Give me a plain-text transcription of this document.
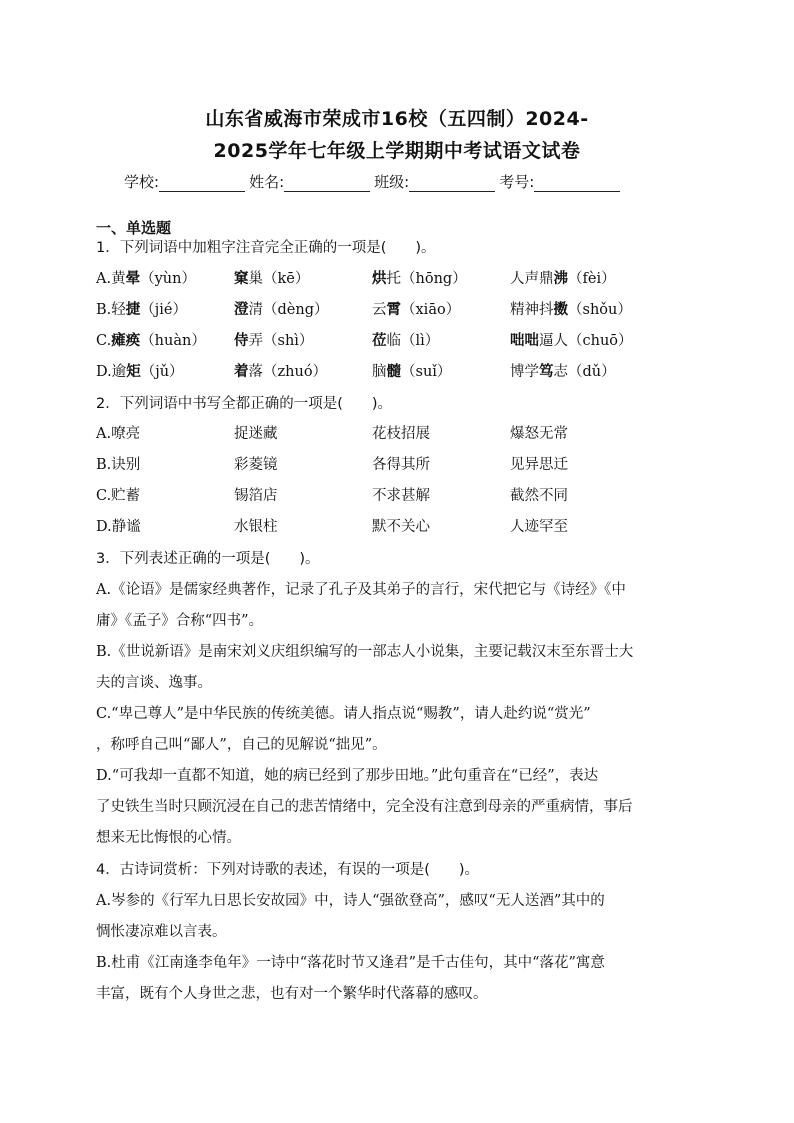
山东省威海市荣成市16校（五四制）2024-
2025学年七年级上学期期中考试语文试卷
学校:	姓名:	班级:	考号:
一、单选题
1．下列词语中加粗字注音完全正确的一项是(　　)。
A.黄晕（yùn）	窠巢（kē）	烘托（hōng）	人声鼎沸（fèi）
B.轻捷（jié）	澄清（dèng）	云霄（xiāo）	精神抖擞（shǒu）
C.瘫痪（huàn） 侍弄（shì）	莅临（lì）	咄咄逼人（chuō）
D.逾矩（jǔ）	着落（zhuó）	脑髓（suǐ）	博学笃志（dǔ）
2．下列词语中书写全都正确的一项是(　　)。
A.嘹亮	捉迷藏	花枝招展	爆怒无常
B.诀别	彩菱镜	各得其所	见异思迁
C.贮蓄	锡箔店	不求甚解	截然不同
D.静谧	水银柱	默不关心	人迹罕至
3．下列表述正确的一项是(　　)。
A.《论语》是儒家经典著作，记录了孔子及其弟子的言行，宋代把它与《诗经》《中
庸》《孟子》合称“四书”。
B.《世说新语》是南宋刘义庆组织编写的一部志人小说集，主要记载汉末至东晋士大
夫的言谈、逸事。
C.“卑己尊人”是中华民族的传统美德。请人指点说“赐教”，请人赴约说“赏光”
，称呼自己叫“鄙人”，自己的见解说“拙见”。
D.“可我却一直都不知道，她的病已经到了那步田地。”此句重音在“已经”，表达
了史铁生当时只顾沉浸在自己的悲苦情绪中，完全没有注意到母亲的严重病情，事后
想来无比悔恨的心情。
4．古诗词赏析：下列对诗歌的表述，有误的一项是(　　)。
A.岑参的《行军九日思长安故园》中，诗人“强欲登高”，感叹“无人送酒”其中的
惆怅凄凉难以言表。
B.杜甫《江南逢李龟年》一诗中“落花时节又逢君”是千古佳句，其中“落花”寓意
丰富，既有个人身世之悲，也有对一个繁华时代落幕的感叹。
